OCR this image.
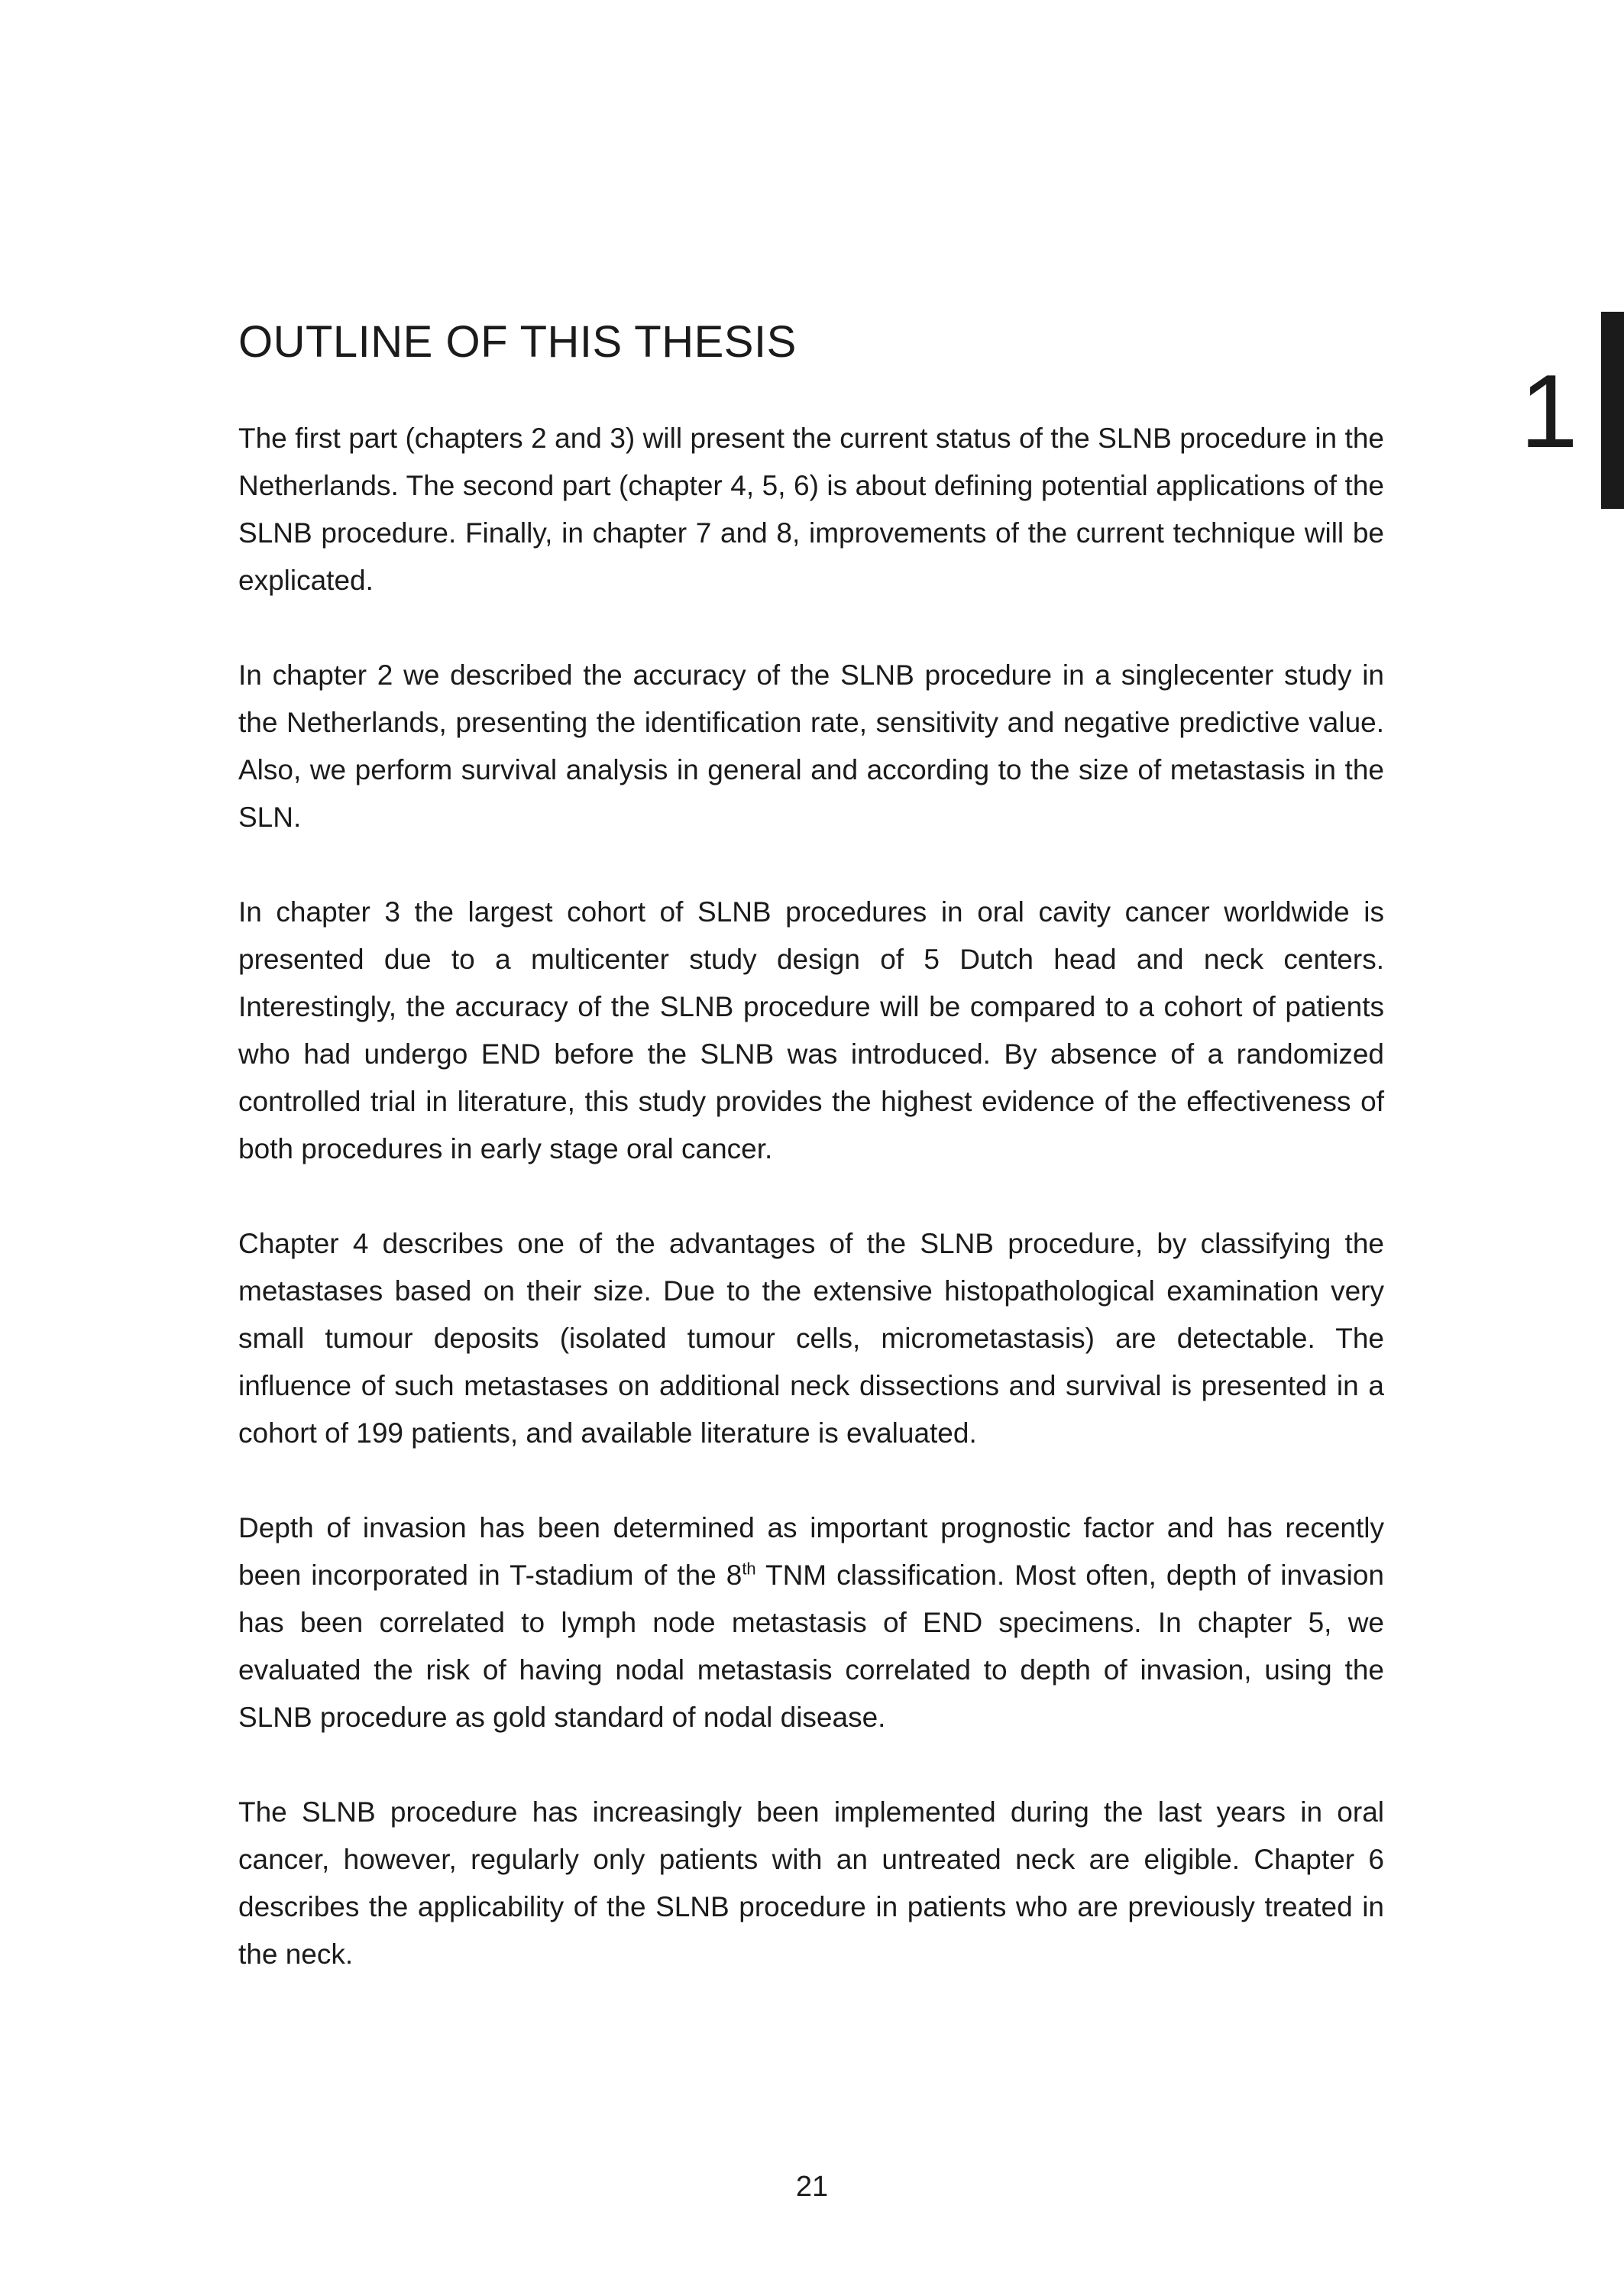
OUTLINE OF THIS THESIS
1

The first part (chapters 2 and 3) will present the current status of the SLNB procedure in the Netherlands. The second part (chapter 4, 5, 6) is about defining potential applications of the SLNB procedure. Finally, in chapter 7 and 8, improvements of the current technique will be explicated.

In chapter 2 we described the accuracy of the SLNB procedure in a singlecenter study in the Netherlands, presenting the identification rate, sensitivity and negative predictive value. Also, we perform survival analysis in general and according to the size of metastasis in the SLN.

In chapter 3 the largest cohort of SLNB procedures in oral cavity cancer worldwide is presented due to a multicenter study design of 5 Dutch head and neck centers. Interestingly, the accuracy of the SLNB procedure will be compared to a cohort of patients who had undergo END before the SLNB was introduced. By absence of a randomized controlled trial in literature, this study provides the highest evidence of the effectiveness of both procedures in early stage oral cancer.

Chapter 4 describes one of the advantages of the SLNB procedure, by classifying the metastases based on their size. Due to the extensive histopathological examination very small tumour deposits (isolated tumour cells, micrometastasis) are detectable. The influence of such metastases on additional neck dissections and survival is presented in a cohort of 199 patients, and available literature is evaluated.

Depth of invasion has been determined as important prognostic factor and has recently been incorporated in T-stadium of the 8th TNM classification. Most often, depth of invasion has been correlated to lymph node metastasis of END specimens. In chapter 5, we evaluated the risk of having nodal metastasis correlated to depth of invasion, using the SLNB procedure as gold standard of nodal disease.

The SLNB procedure has increasingly been implemented during the last years in oral cancer, however, regularly only patients with an untreated neck are eligible. Chapter 6 describes the applicability of the SLNB procedure in patients who are previously treated in the neck.

21
